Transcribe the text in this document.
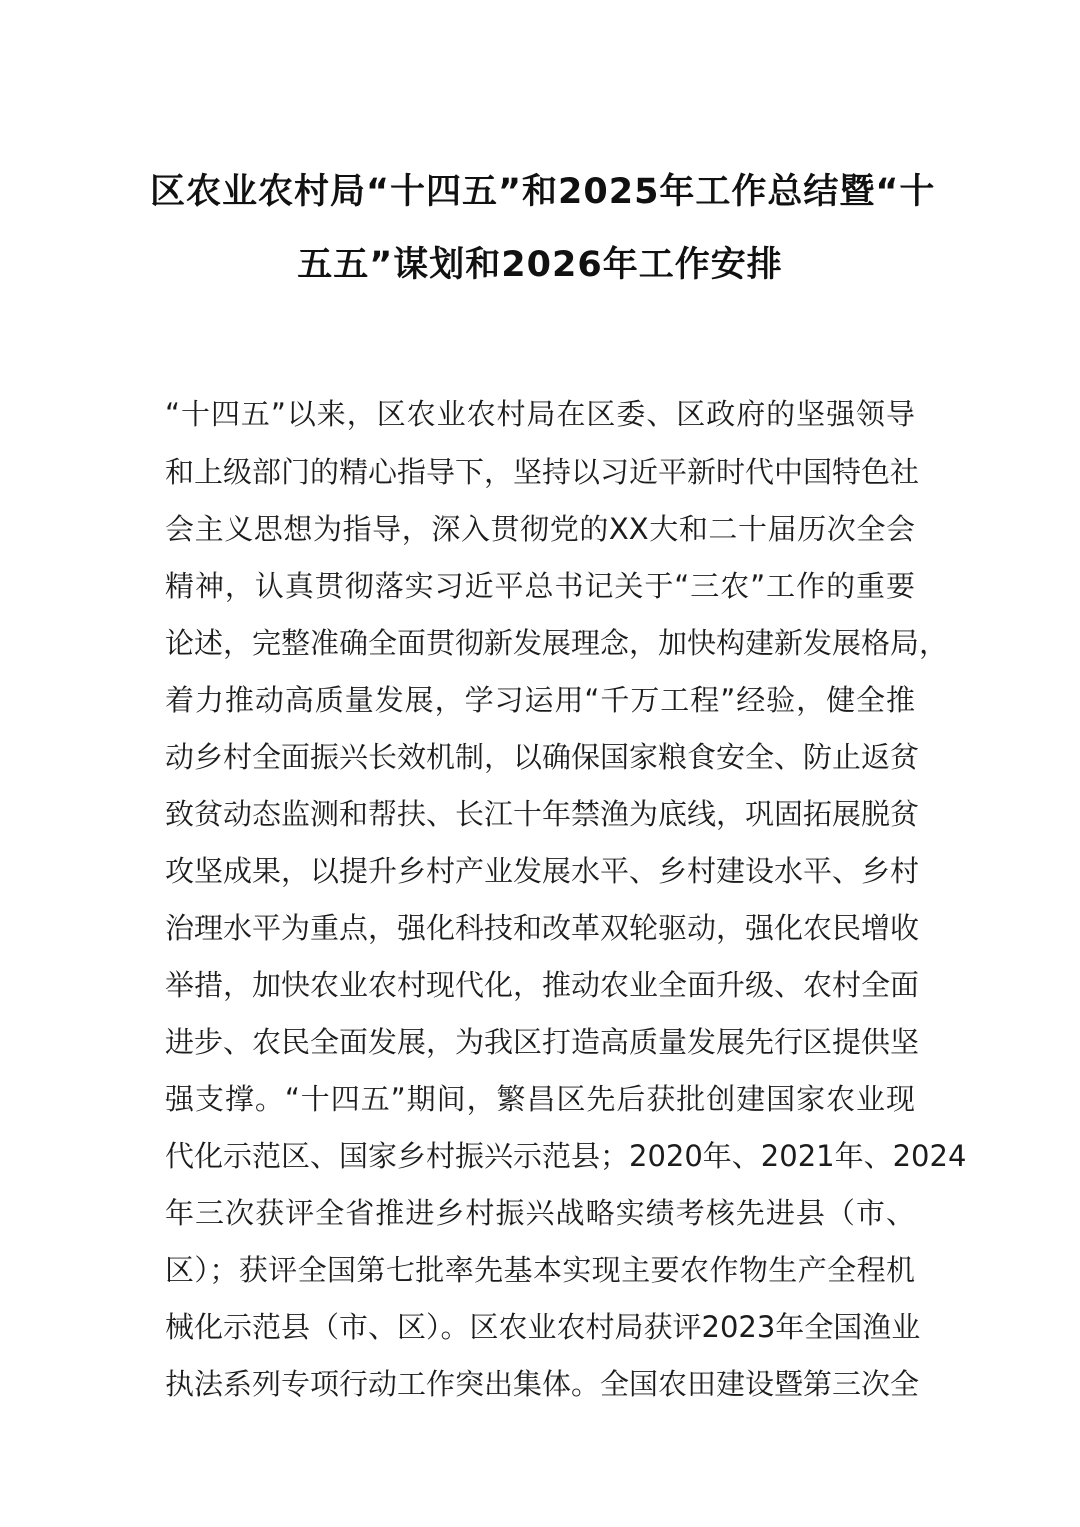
区农业农村局“十四五”和2025年工作总结暨“十
五五”谋划和2026年工作安排
“十四五”以来，区农业农村局在区委、区政府的坚强领导
和上级部门的精心指导下，坚持以习近平新时代中国特色社
会主义思想为指导，深入贯彻党的XX大和二十届历次全会
精神，认真贯彻落实习近平总书记关于“三农”工作的重要
论述，完整准确全面贯彻新发展理念，加快构建新发展格局，
着力推动高质量发展，学习运用“千万工程”经验，健全推
动乡村全面振兴长效机制，以确保国家粮食安全、防止返贫
致贫动态监测和帮扶、长江十年禁渔为底线，巩固拓展脱贫
攻坚成果，以提升乡村产业发展水平、乡村建设水平、乡村
治理水平为重点，强化科技和改革双轮驱动，强化农民增收
举措，加快农业农村现代化，推动农业全面升级、农村全面
进步、农民全面发展，为我区打造高质量发展先行区提供坚
强支撑。“十四五”期间，繁昌区先后获批创建国家农业现
代化示范区、国家乡村振兴示范县；2020年、2021年、2024
年三次获评全省推进乡村振兴战略实绩考核先进县（市、
区）；获评全国第七批率先基本实现主要农作物生产全程机
械化示范县（市、区）。区农业农村局获评2023年全国渔业
执法系列专项行动工作突出集体。全国农田建设暨第三次全
